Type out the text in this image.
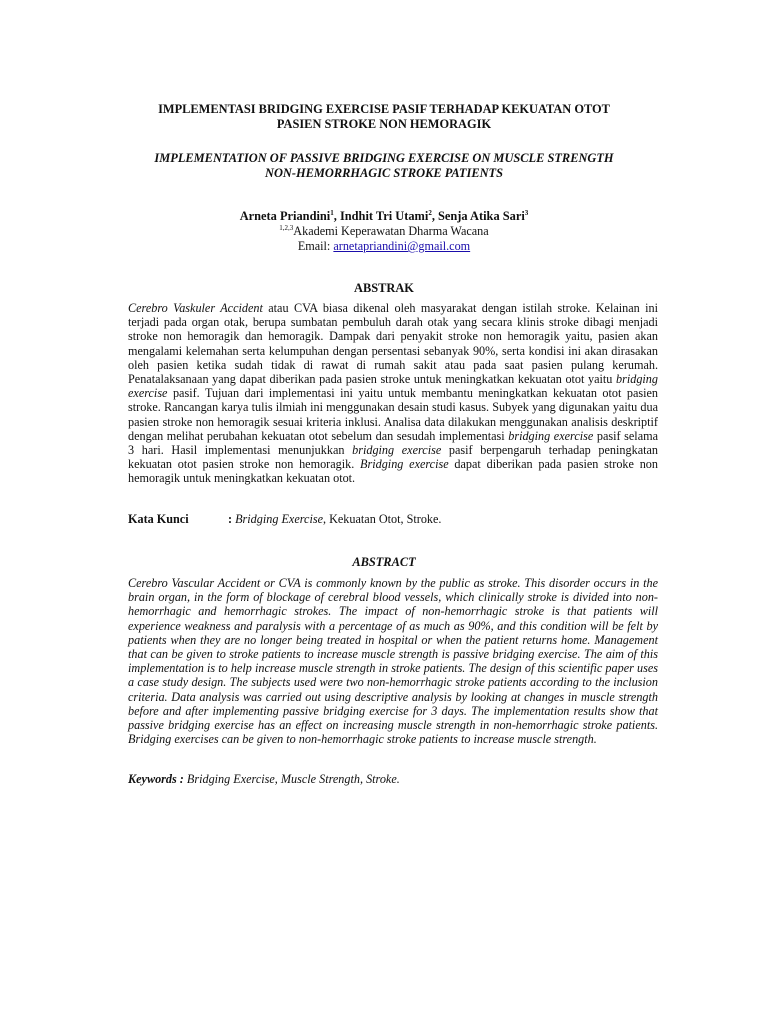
IMPLEMENTASI BRIDGING EXERCISE PASIF TERHADAP KEKUATAN OTOT
PASIEN STROKE NON HEMORAGIK
IMPLEMENTATION OF PASSIVE BRIDGING EXERCISE ON MUSCLE STRENGTH
NON-HEMORRHAGIC STROKE PATIENTS
Arneta Priandini$^1$, Indhit Tri Utami$^2$, Senja Atika Sari$^3$
$^{1,2,3}$Akademi Keperawatan Dharma Wacana
Email: arnetapriandini@gmail.com
ABSTRAK
Cerebro Vaskuler Accident atau CVA biasa dikenal oleh masyarakat dengan istilah stroke. Kelainan ini terjadi pada organ otak, berupa sumbatan pembuluh darah otak yang secara klinis stroke dibagi menjadi stroke non hemoragik dan hemoragik. Dampak dari penyakit stroke non hemoragik yaitu, pasien akan mengalami kelemahan serta kelumpuhan dengan persentasi sebanyak 90%, serta kondisi ini akan dirasakan oleh pasien ketika sudah tidak di rawat di rumah sakit atau pada saat pasien pulang kerumah. Penatalaksanaan yang dapat diberikan pada pasien stroke untuk meningkatkan kekuatan otot yaitu bridging exercise pasif. Tujuan dari implementasi ini yaitu untuk membantu meningkatkan kekuatan otot pasien stroke. Rancangan karya tulis ilmiah ini menggunakan desain studi kasus. Subyek yang digunakan yaitu dua pasien stroke non hemoragik sesuai kriteria inklusi. Analisa data dilakukan menggunakan analisis deskriptif dengan melihat perubahan kekuatan otot sebelum dan sesudah implementasi bridging exercise pasif selama 3 hari. Hasil implementasi menunjukkan bridging exercise pasif berpengaruh terhadap peningkatan kekuatan otot pasien stroke non hemoragik. Bridging exercise dapat diberikan pada pasien stroke non hemoragik untuk meningkatkan kekuatan otot.
Kata Kunci	: Bridging Exercise, Kekuatan Otot, Stroke.
ABSTRACT
Cerebro Vascular Accident or CVA is commonly known by the public as stroke. This disorder occurs in the brain organ, in the form of blockage of cerebral blood vessels, which clinically stroke is divided into non-hemorrhagic and hemorrhagic strokes. The impact of non-hemorrhagic stroke is that patients will experience weakness and paralysis with a percentage of as much as 90%, and this condition will be felt by patients when they are no longer being treated in hospital or when the patient returns home. Management that can be given to stroke patients to increase muscle strength is passive bridging exercise. The aim of this implementation is to help increase muscle strength in stroke patients. The design of this scientific paper uses a case study design. The subjects used were two non-hemorrhagic stroke patients according to the inclusion criteria. Data analysis was carried out using descriptive analysis by looking at changes in muscle strength before and after implementing passive bridging exercise for 3 days. The implementation results show that passive bridging exercise has an effect on increasing muscle strength in non-hemorrhagic stroke patients. Bridging exercises can be given to non-hemorrhagic stroke patients to increase muscle strength.
Keywords : Bridging Exercise, Muscle Strength, Stroke.
